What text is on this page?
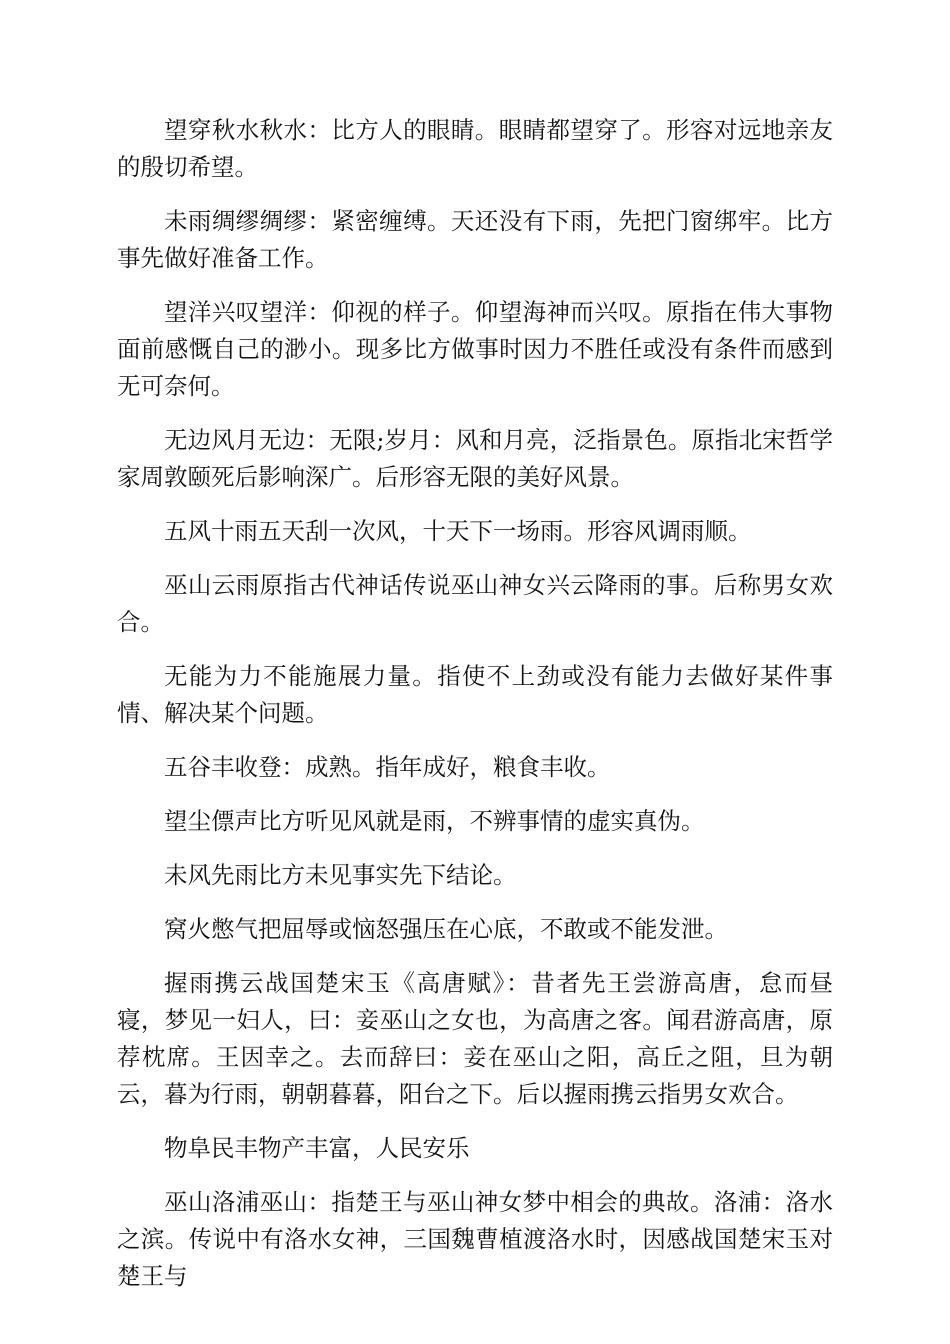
望穿秋水秋水：比方人的眼睛。眼睛都望穿了。形容对远地亲友的殷切希望。

未雨绸缪绸缪：紧密缠缚。天还没有下雨，先把门窗绑牢。比方事先做好准备工作。

望洋兴叹望洋：仰视的样子。仰望海神而兴叹。原指在伟大事物面前感慨自己的渺小。现多比方做事时因力不胜任或没有条件而感到无可奈何。

无边风月无边：无限;岁月：风和月亮，泛指景色。原指北宋哲学家周敦颐死后影响深广。后形容无限的美好风景。

五风十雨五天刮一次风，十天下一场雨。形容风调雨顺。

巫山云雨原指古代神话传说巫山神女兴云降雨的事。后称男女欢合。

无能为力不能施展力量。指使不上劲或没有能力去做好某件事情、解决某个问题。

五谷丰收登：成熟。指年成好，粮食丰收。

望尘僄声比方听见风就是雨，不辨事情的虚实真伪。

未风先雨比方未见事实先下结论。

窝火憋气把屈辱或恼怒强压在心底，不敢或不能发泄。

握雨携云战国楚宋玉《高唐赋》：昔者先王尝游高唐，怠而昼寝，梦见一妇人，曰：妾巫山之女也，为高唐之客。闻君游高唐，原荐枕席。王因幸之。去而辞曰：妾在巫山之阳，高丘之阻，旦为朝云，暮为行雨，朝朝暮暮，阳台之下。后以握雨携云指男女欢合。

物阜民丰物产丰富，人民安乐

巫山洛浦巫山：指楚王与巫山神女梦中相会的典故。洛浦：洛水之滨。传说中有洛水女神，三国魏曹植渡洛水时，因感战国楚宋玉对楚王与
